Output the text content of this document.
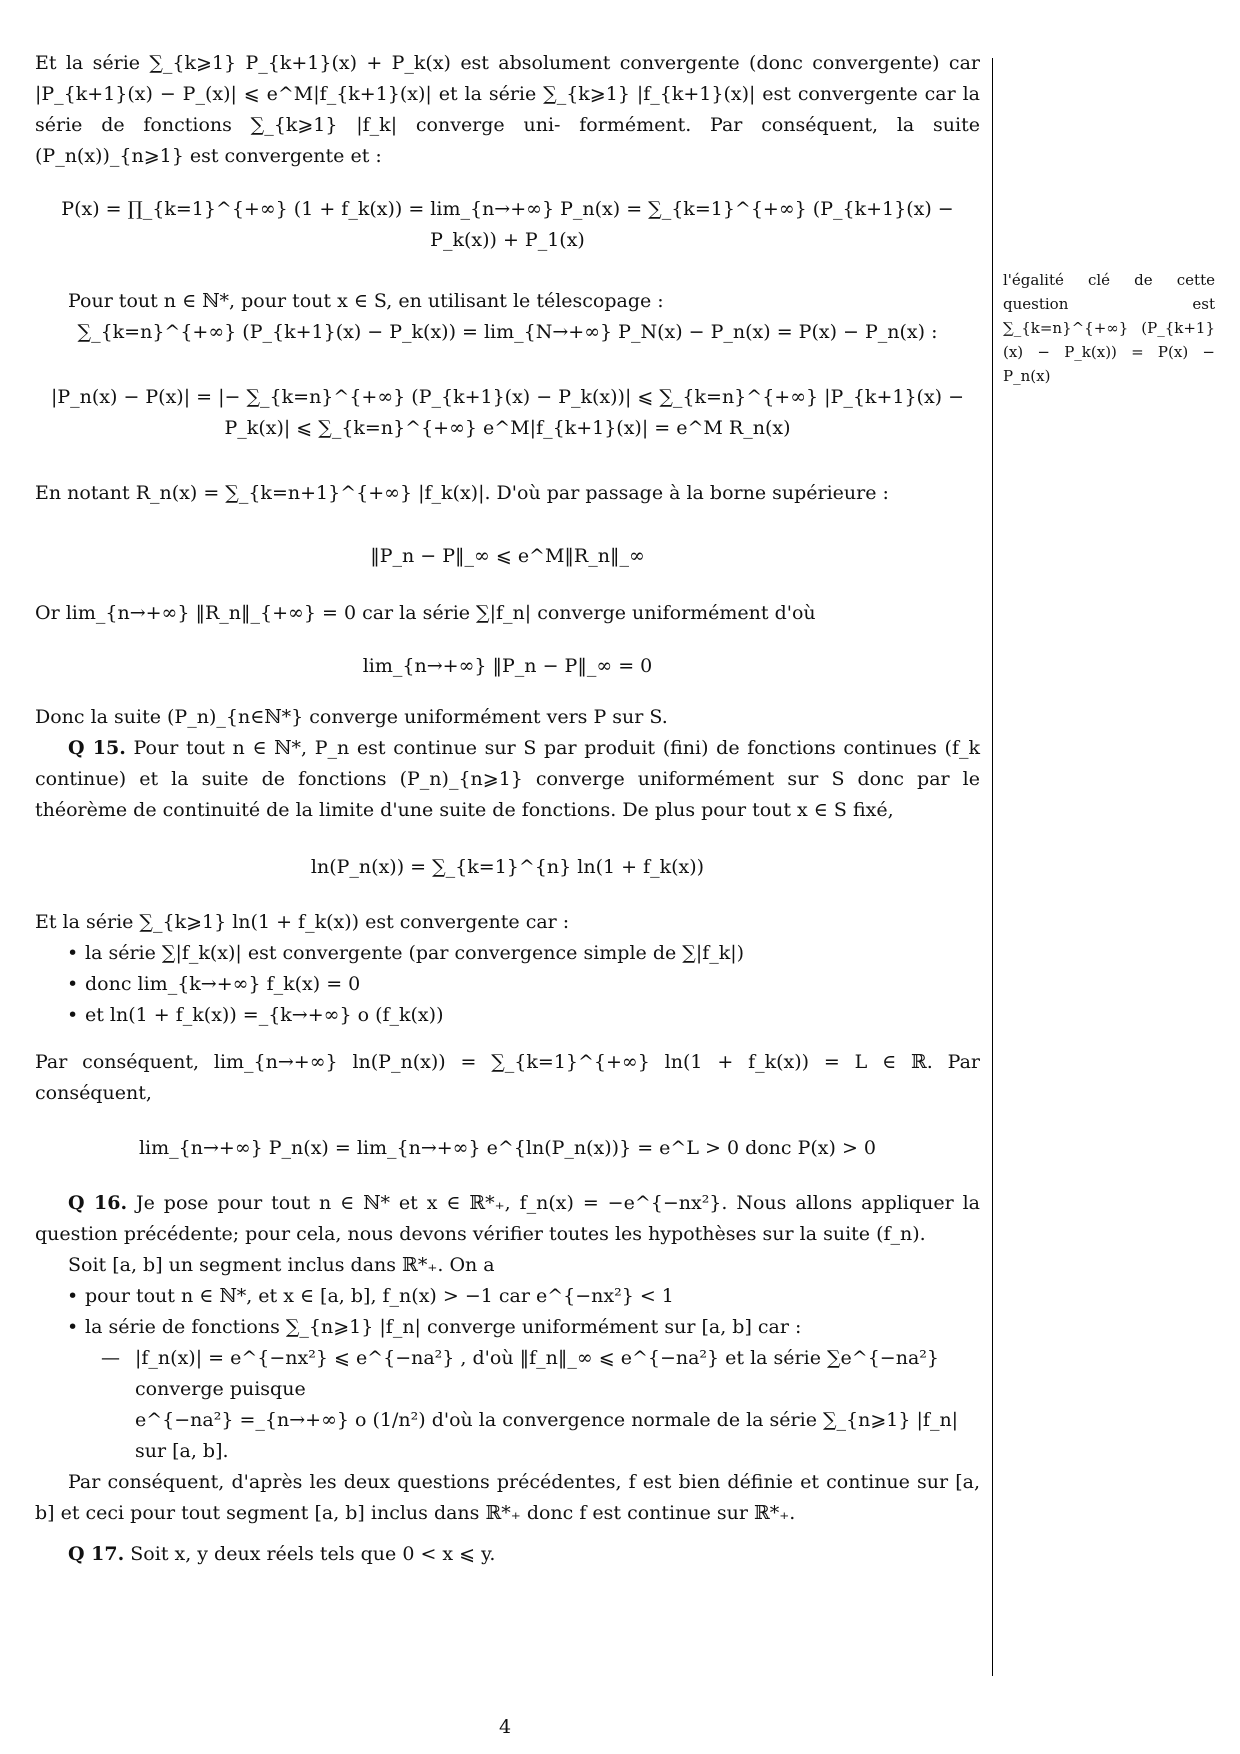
Et la série ∑_{k⩾1} P_{k+1}(x) + P_k(x) est absolument convergente (donc convergente) car |P_{k+1}(x) − P_(x)| ⩽ e^M|f_{k+1}(x)| et la série ∑_{k⩾1} |f_{k+1}(x)| est convergente car la série de fonctions ∑_{k⩾1} |f_k| converge uni- formément. Par conséquent, la suite (P_n(x))_{n⩾1} est convergente et :

P(x) = ∏_{k=1}^{+∞} (1 + f_k(x)) = lim_{n→+∞} P_n(x) = ∑_{k=1}^{+∞} (P_{k+1}(x) − P_k(x)) + P_1(x)

Pour tout n ∈ ℕ*, pour tout x ∈ S, en utilisant le télescopage :

∑_{k=n}^{+∞} (P_{k+1}(x) − P_k(x)) = lim_{N→+∞} P_N(x) − P_n(x) = P(x) − P_n(x) :

|P_n(x) − P(x)| = |− ∑_{k=n}^{+∞} (P_{k+1}(x) − P_k(x))| ⩽ ∑_{k=n}^{+∞} |P_{k+1}(x) − P_k(x)| ⩽ ∑_{k=n}^{+∞} e^M|f_{k+1}(x)| = e^M R_n(x)

En notant R_n(x) = ∑_{k=n+1}^{+∞} |f_k(x)|. D'où par passage à la borne supérieure :

‖P_n − P‖_∞ ⩽ e^M‖R_n‖_∞

Or lim_{n→+∞} ‖R_n‖_{+∞} = 0 car la série ∑|f_n| converge uniformément d'où

lim_{n→+∞} ‖P_n − P‖_∞ = 0

Donc la suite (P_n)_{n∈ℕ*} converge uniformément vers P sur S.

Q 15. Pour tout n ∈ ℕ*, P_n est continue sur S par produit (fini) de fonctions continues (f_k continue) et la suite de fonctions (P_n)_{n⩾1} converge uniformément sur S donc par le théorème de continuité de la limite d'une suite de fonctions. De plus pour tout x ∈ S fixé,

ln(P_n(x)) = ∑_{k=1}^{n} ln(1 + f_k(x))

Et la série ∑_{k⩾1} ln(1 + f_k(x)) est convergente car :

• la série ∑|f_k(x)| est convergente (par convergence simple de ∑|f_k|)
• donc lim_{k→+∞} f_k(x) = 0
• et ln(1 + f_k(x)) =_{k→+∞} o (f_k(x))

Par conséquent, lim_{n→+∞} ln(P_n(x)) = ∑_{k=1}^{+∞} ln(1 + f_k(x)) = L ∈ ℝ. Par conséquent,

lim_{n→+∞} P_n(x) = lim_{n→+∞} e^{ln(P_n(x))} = e^L > 0 donc P(x) > 0

Q 16. Je pose pour tout n ∈ ℕ* et x ∈ ℝ*₊, f_n(x) = −e^{−nx²}. Nous allons appliquer la question précédente; pour cela, nous devons vérifier toutes les hypothèses sur la suite (f_n).

Soit [a, b] un segment inclus dans ℝ*₊. On a

• pour tout n ∈ ℕ*, et x ∈ [a, b], f_n(x) > −1 car e^{−nx²} < 1
• la série de fonctions ∑_{n⩾1} |f_n| converge uniformément sur [a, b] car :
— |f_n(x)| = e^{−nx²} ⩽ e^{−na²} , d'où ‖f_n‖_∞ ⩽ e^{−na²} et la série ∑e^{−na²} converge puisque
e^{−na²} =_{n→+∞} o (1/n²) d'où la convergence normale de la série ∑_{n⩾1} |f_n| sur [a, b].

Par conséquent, d'après les deux questions précédentes, f est bien définie et continue sur [a, b] et ceci pour tout segment [a, b] inclus dans ℝ*₊ donc f est continue sur ℝ*₊.

Q 17. Soit x, y deux réels tels que 0 < x ⩽ y.

l'égalité clé de cette question est ∑_{k=n}^{+∞} (P_{k+1}(x) − P_k(x)) = P(x) − P_n(x)
4
